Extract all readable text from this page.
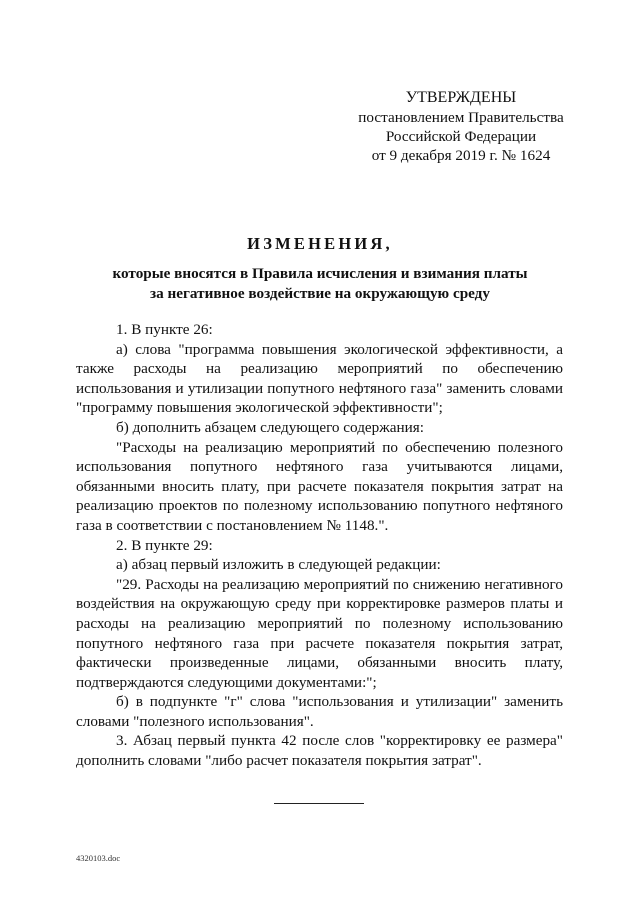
УТВЕРЖДЕНЫ
постановлением Правительства
Российской Федерации
от 9 декабря 2019 г. № 1624
ИЗМЕНЕНИЯ,
которые вносятся в Правила исчисления и взимания платы
за негативное воздействие на окружающую среду

1. В пункте 26:

а) слова "программа повышения экологической эффективности, а также расходы на реализацию мероприятий по обеспечению использования и утилизации попутного нефтяного газа" заменить словами "программу повышения экологической эффективности";

б) дополнить абзацем следующего содержания:

"Расходы на реализацию мероприятий по обеспечению полезного использования попутного нефтяного газа учитываются лицами, обязанными вносить плату, при расчете показателя покрытия затрат на реализацию проектов по полезному использованию попутного нефтяного газа в соответствии с постановлением № 1148.".

2. В пункте 29:

а) абзац первый изложить в следующей редакции:

"29. Расходы на реализацию мероприятий по снижению негативного воздействия на окружающую среду при корректировке размеров платы и расходы на реализацию мероприятий по полезному использованию попутного нефтяного газа при расчете показателя покрытия затрат, фактически произведенные лицами, обязанными вносить плату, подтверждаются следующими документами:";

б) в подпункте "г" слова "использования и утилизации" заменить словами "полезного использования".

3. Абзац первый пункта 42 после слов "корректировку ее размера" дополнить словами "либо расчет показателя покрытия затрат".

4320103.doc
